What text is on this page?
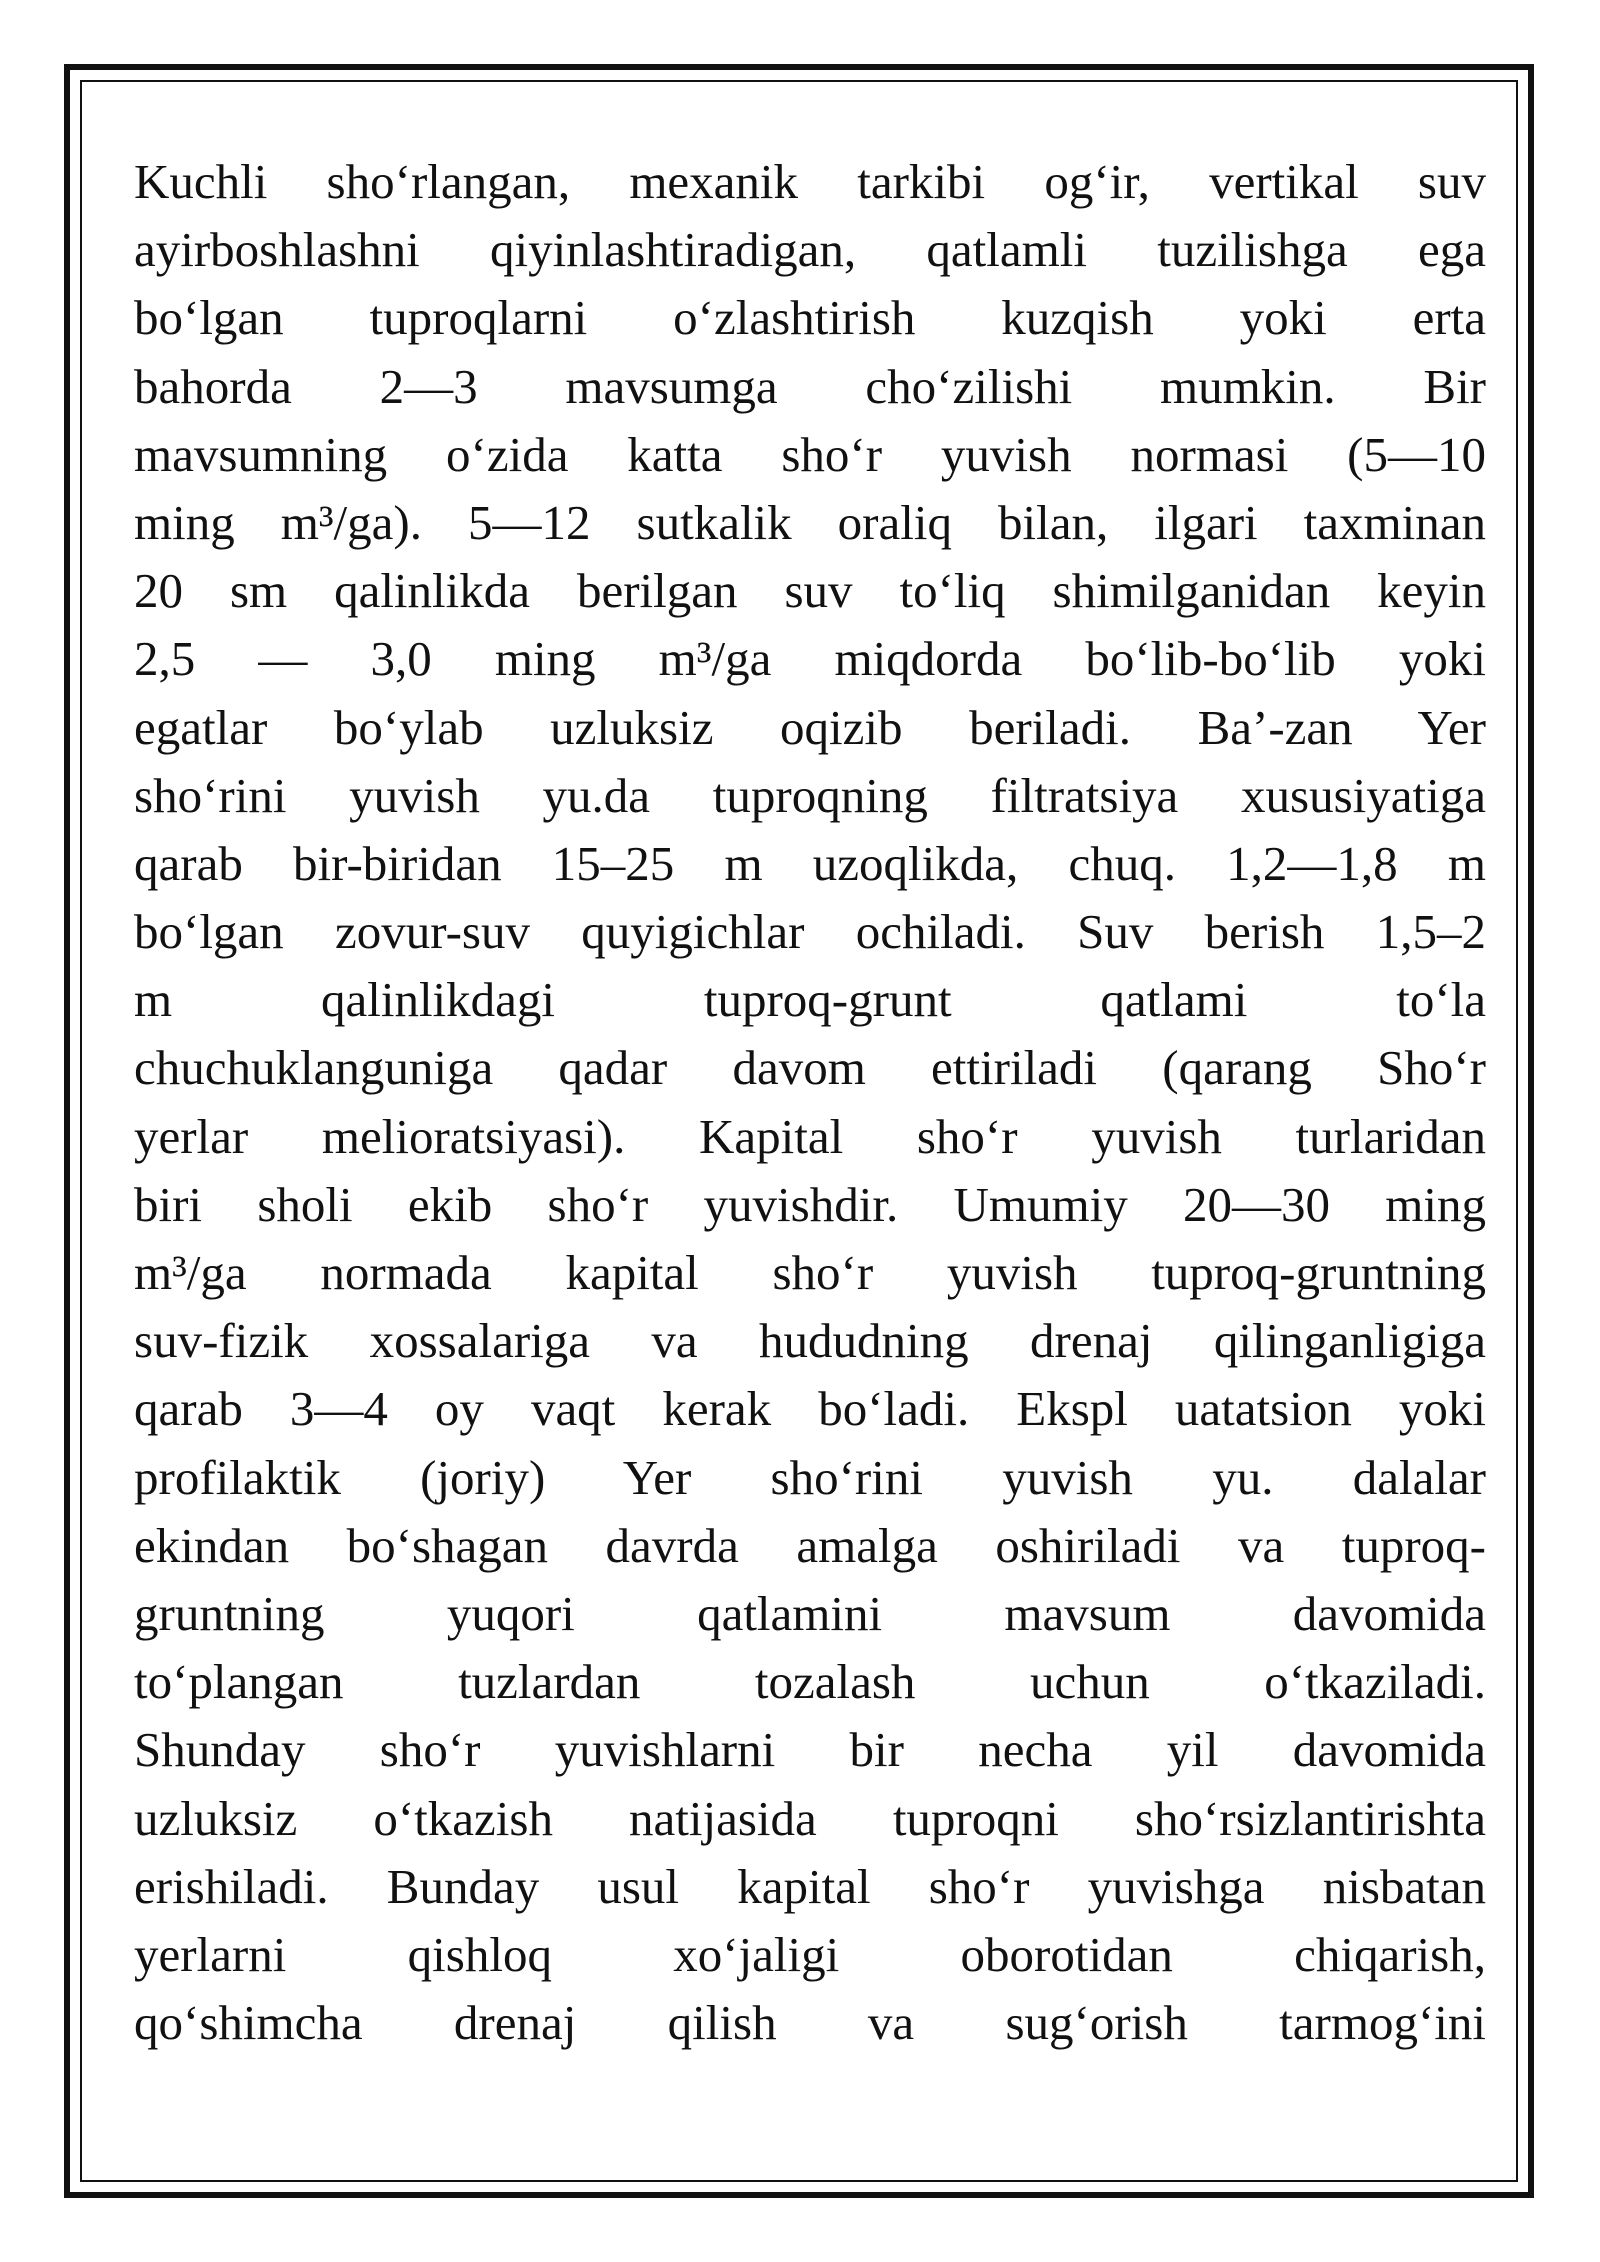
Kuchli sho‘rlangan, mexanik tarkibi og‘ir, vertikal suv
ayirboshlashni qiyinlashtiradigan, qatlamli tuzilishga ega
bo‘lgan tuproqlarni o‘zlashtirish kuzqish yoki erta
bahorda 2—3 mavsumga cho‘zilishi mumkin. Bir
mavsumning o‘zida katta sho‘r yuvish normasi (5—10
ming m³/ga). 5—12 sutkalik oraliq bilan, ilgari taxminan
20 sm qalinlikda berilgan suv to‘liq shimilganidan keyin
2,5 — 3,0 ming m³/ga miqdorda bo‘lib-bo‘lib yoki
egatlar bo‘ylab uzluksiz oqizib beriladi. Ba’-zan Yer
sho‘rini yuvish yu.da tuproqning filtratsiya xususiyatiga
qarab bir-biridan 15–25 m uzoqlikda, chuq. 1,2—1,8 m
bo‘lgan zovur-suv quyigichlar ochiladi. Suv berish 1,5–2
m qalinlikdagi tuproq-grunt qatlami to‘la
chuchuklanguniga qadar davom ettiriladi (qarang Sho‘r
yerlar melioratsiyasi). Kapital sho‘r yuvish turlaridan
biri sholi ekib sho‘r yuvishdir. Umumiy 20—30 ming
m³/ga normada kapital sho‘r yuvish tuproq-gruntning
suv-fizik xossalariga va hududning drenaj qilinganligiga
qarab 3—4 oy vaqt kerak bo‘ladi. Ekspl uatatsion yoki
profilaktik (joriy) Yer sho‘rini yuvish yu. dalalar
ekindan bo‘shagan davrda amalga oshiriladi va tuproq-
gruntning yuqori qatlamini mavsum davomida
to‘plangan tuzlardan tozalash uchun o‘tkaziladi.
Shunday sho‘r yuvishlarni bir necha yil davomida
uzluksiz o‘tkazish natijasida tuproqni sho‘rsizlantirishta
erishiladi. Bunday usul kapital sho‘r yuvishga nisbatan
yerlarni qishloq xo‘jaligi oborotidan chiqarish,
qo‘shimcha drenaj qilish va sug‘orish tarmog‘ini
